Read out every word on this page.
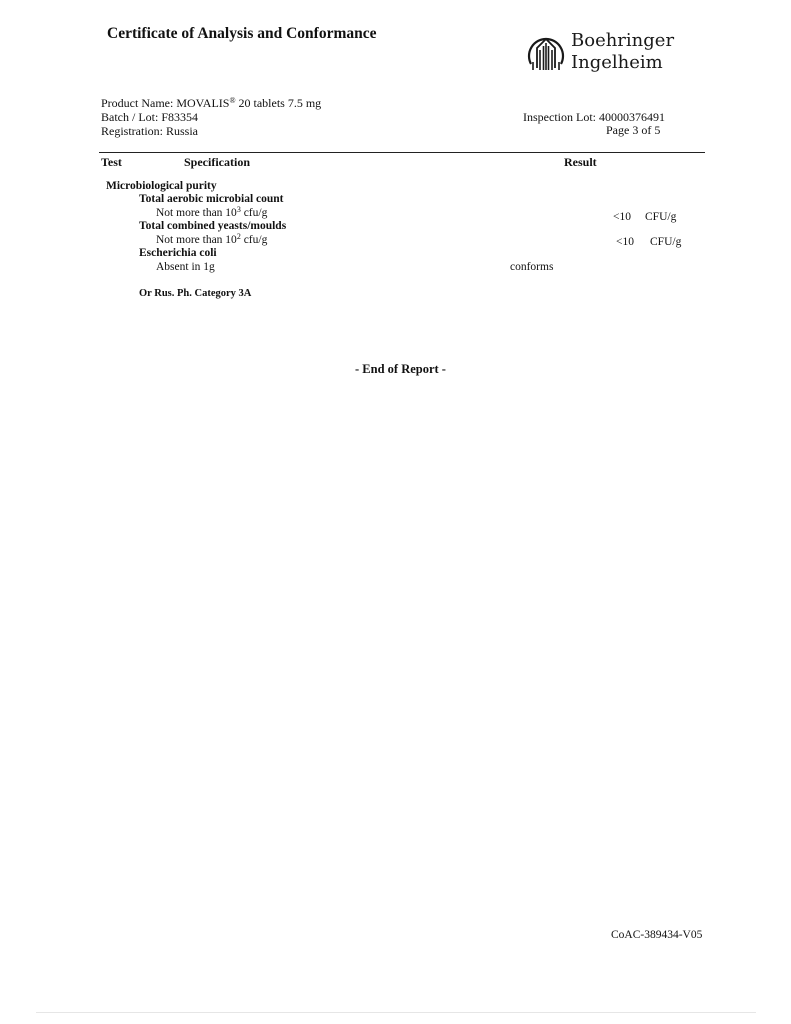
Certificate of Analysis and Conformance	Boehringer
Ingelheim
Product Name: MOVALIS® 20 tablets 7.5 mg
Batch / Lot: F83354
Registration: Russia
Inspection Lot: 40000376491
Page 3 of 5
Test	Specification	Result
Microbiological purity
Total aerobic microbial count
Not more than $10^3$ cfu/g	<10 CFU/g
Total combined yeasts/moulds
Not more than $10^2$ cfu/g	<10 CFU/g
Escherichia coli
Absent in 1g	conforms
Or Rus. Ph. Category 3A
- End of Report -
CoAC-389434-V05
